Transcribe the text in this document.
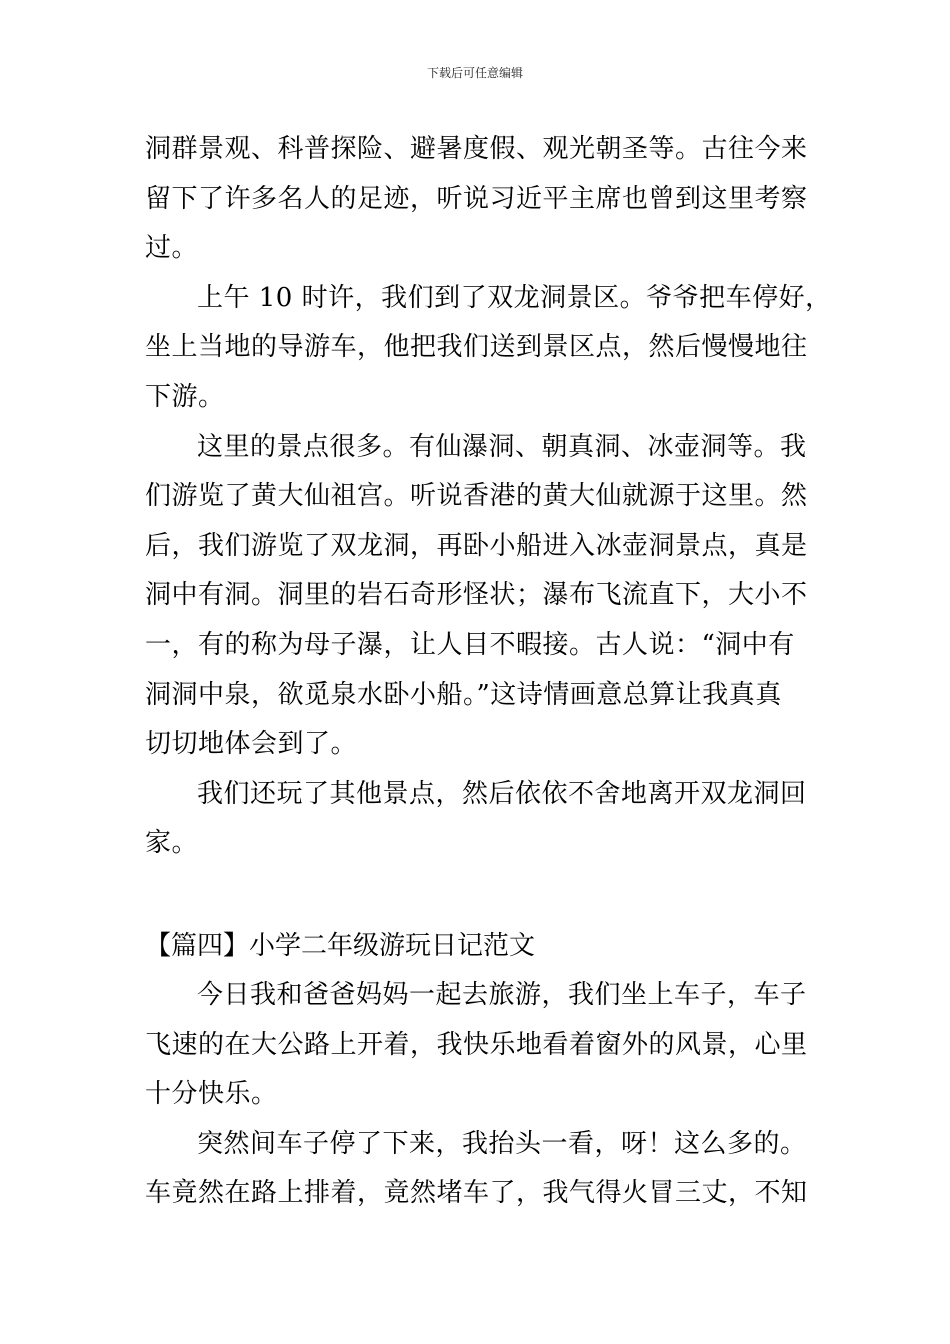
下载后可任意编辑
洞群景观、科普探险、避暑度假、观光朝圣等。古往今来
留下了许多名人的足迹，听说习近平主席也曾到这里考察
过。
上午 10 时许，我们到了双龙洞景区。爷爷把车停好，
坐上当地的导游车，他把我们送到景区点，然后慢慢地往
下游。
这里的景点很多。有仙瀑洞、朝真洞、冰壶洞等。我
们游览了黄大仙祖宫。听说香港的黄大仙就源于这里。然
后，我们游览了双龙洞，再卧小船进入冰壶洞景点，真是
洞中有洞。洞里的岩石奇形怪状；瀑布飞流直下，大小不
一，有的称为母子瀑，让人目不暇接。古人说：“洞中有
洞洞中泉，欲觅泉水卧小船。”这诗情画意总算让我真真
切切地体会到了。
我们还玩了其他景点，然后依依不舍地离开双龙洞回
家。
【篇四】小学二年级游玩日记范文
今日我和爸爸妈妈一起去旅游，我们坐上车子，车子
飞速的在大公路上开着，我快乐地看着窗外的风景，心里
十分快乐。
突然间车子停了下来，我抬头一看，呀！这么多的。
车竟然在路上排着，竟然堵车了，我气得火冒三丈，不知
